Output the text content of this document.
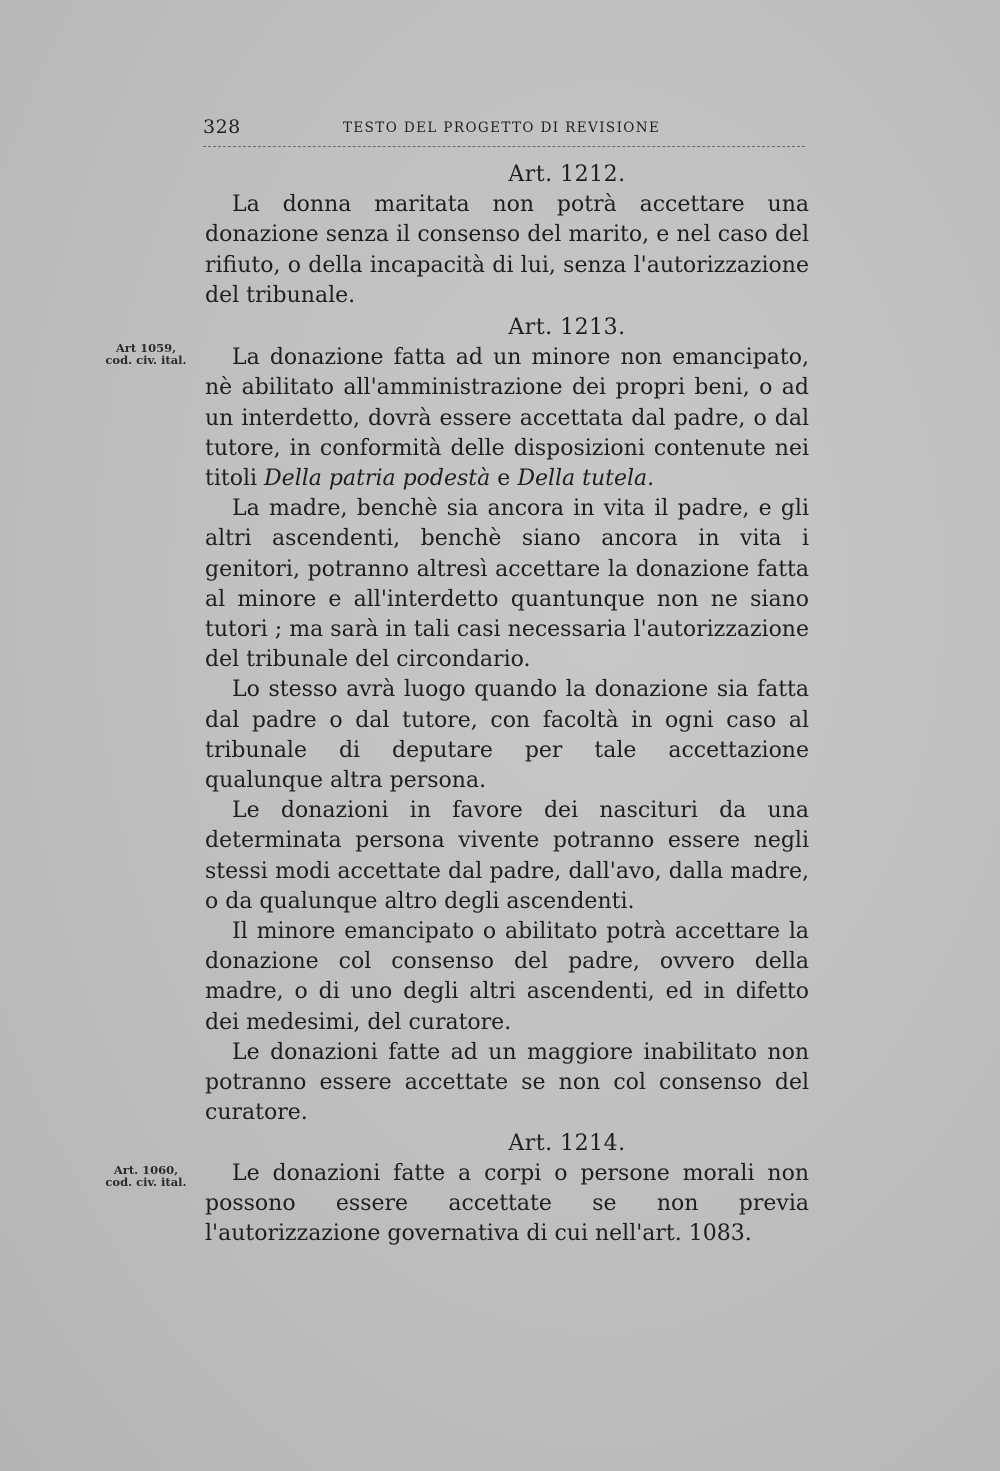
328	TESTO DEL PROGETTO DI REVISIONE
Art 1059,
cod. civ. ital.
Art. 1060,
cod. civ. ital.
Art. 1212.

La donna maritata non potrà accettare una donazione senza il consenso del marito, e nel caso del rifiuto, o della incapacità di lui, senza l'autorizzazione del tribunale.

Art. 1213.

La donazione fatta ad un minore non emancipato, nè abilitato all'amministrazione dei propri beni, o ad un interdetto, dovrà essere accettata dal padre, o dal tutore, in conformità delle disposizioni contenute nei titoli Della patria podestà e Della tutela.

La madre, benchè sia ancora in vita il padre, e gli altri ascendenti, benchè siano ancora in vita i genitori, potranno altresì accettare la donazione fatta al minore e all'interdetto quantunque non ne siano tutori ; ma sarà in tali casi necessaria l'autorizzazione del tribunale del circondario.

Lo stesso avrà luogo quando la donazione sia fatta dal padre o dal tutore, con facoltà in ogni caso al tribunale di deputare per tale accettazione qualunque altra persona.

Le donazioni in favore dei nascituri da una determinata persona vivente potranno essere negli stessi modi accettate dal padre, dall'avo, dalla madre, o da qualunque altro degli ascendenti.

Il minore emancipato o abilitato potrà accettare la donazione col consenso del padre, ovvero della madre, o di uno degli altri ascendenti, ed in difetto dei medesimi, del curatore.

Le donazioni fatte ad un maggiore inabilitato non potranno essere accettate se non col consenso del curatore.

Art. 1214.

Le donazioni fatte a corpi o persone morali non possono essere accettate se non previa l'autorizzazione governativa di cui nell'art. 1083.
